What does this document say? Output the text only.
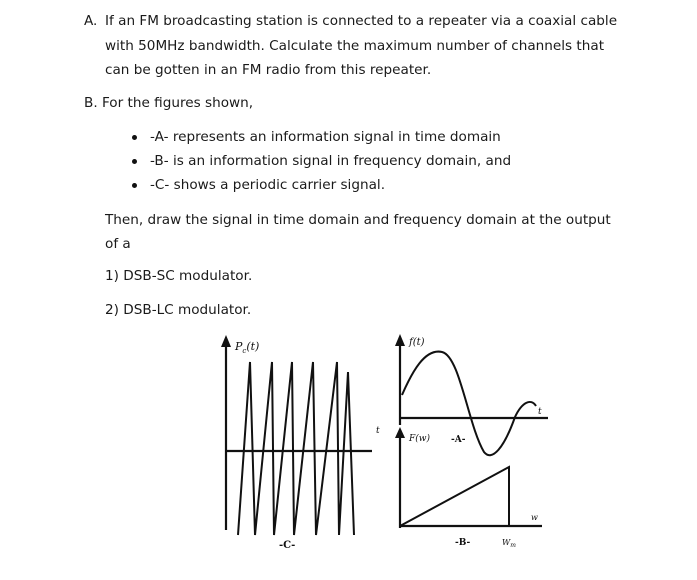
A. If an FM broadcasting station is connected to a repeater via a coaxial cable
with 50MHz bandwidth. Calculate the maximum number of channels that
can be gotten in an FM radio from this repeater.
B. For the figures shown,
-A- represents an information signal in time domain
-B- is an information signal in frequency domain, and
-C- shows a periodic carrier signal.
Then, draw the signal in time domain and frequency domain at the output
of a
1) DSB-SC modulator.
2) DSB-LC modulator.
$P_c(t)$
t
-C-
f(t)
t
-A-
F(w)
w
$W_m$
-B-
